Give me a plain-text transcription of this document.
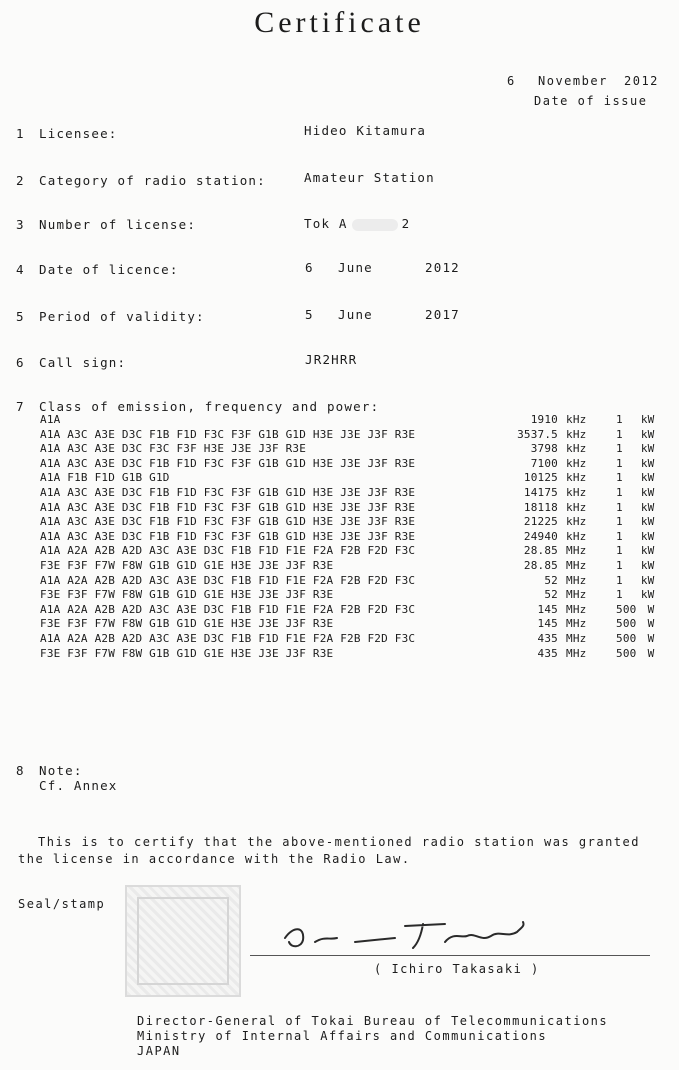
Certificate
6 November 2012
Date of issue
1 Licensee:	Hideo Kitamura
2 Category of radio station:	Amateur Station
3 Number of license:	Tok A	2
4 Date of licence:	6 June	2012
5 Period of validity:	5 June	2017
6 Call sign:	JR2HRR
7 Class of emission, frequency and power:
A1A	1910	kHz	1	kW
A1A A3C A3E D3C F1B F1D F3C F3F G1B G1D H3E J3E J3F R3E	3537.5	kHz	1	kW
A1A A3C A3E D3C F3C F3F H3E J3E J3F R3E	3798	kHz	1	kW
A1A A3C A3E D3C F1B F1D F3C F3F G1B G1D H3E J3E J3F R3E	7100	kHz	1	kW
A1A F1B F1D G1B G1D	10125	kHz	1	kW
A1A A3C A3E D3C F1B F1D F3C F3F G1B G1D H3E J3E J3F R3E	14175	kHz	1	kW
A1A A3C A3E D3C F1B F1D F3C F3F G1B G1D H3E J3E J3F R3E	18118	kHz	1	kW
A1A A3C A3E D3C F1B F1D F3C F3F G1B G1D H3E J3E J3F R3E	21225	kHz	1	kW
A1A A3C A3E D3C F1B F1D F3C F3F G1B G1D H3E J3E J3F R3E	24940	kHz	1	kW
A1A A2A A2B A2D A3C A3E D3C F1B F1D F1E F2A F2B F2D F3C	28.85	MHz	1	kW
F3E F3F F7W F8W G1B G1D G1E H3E J3E J3F R3E	28.85	MHz	1	kW
A1A A2A A2B A2D A3C A3E D3C F1B F1D F1E F2A F2B F2D F3C	52	MHz	1	kW
F3E F3F F7W F8W G1B G1D G1E H3E J3E J3F R3E	52	MHz	1	kW
A1A A2A A2B A2D A3C A3E D3C F1B F1D F1E F2A F2B F2D F3C	145	MHz	500	W
F3E F3F F7W F8W G1B G1D G1E H3E J3E J3F R3E	145	MHz	500	W
A1A A2A A2B A2D A3C A3E D3C F1B F1D F1E F2A F2B F2D F3C	435	MHz	500	W
F3E F3F F7W F8W G1B G1D G1E H3E J3E J3F R3E	435	MHz	500	W
8 Note:
Cf. Annex
This is to certify that the above-mentioned radio station was granted the license in accordance with the Radio Law.
Seal/stamp
( Ichiro Takasaki )
Director-General of Tokai Bureau of Telecommunications
Ministry of Internal Affairs and Communications
JAPAN
